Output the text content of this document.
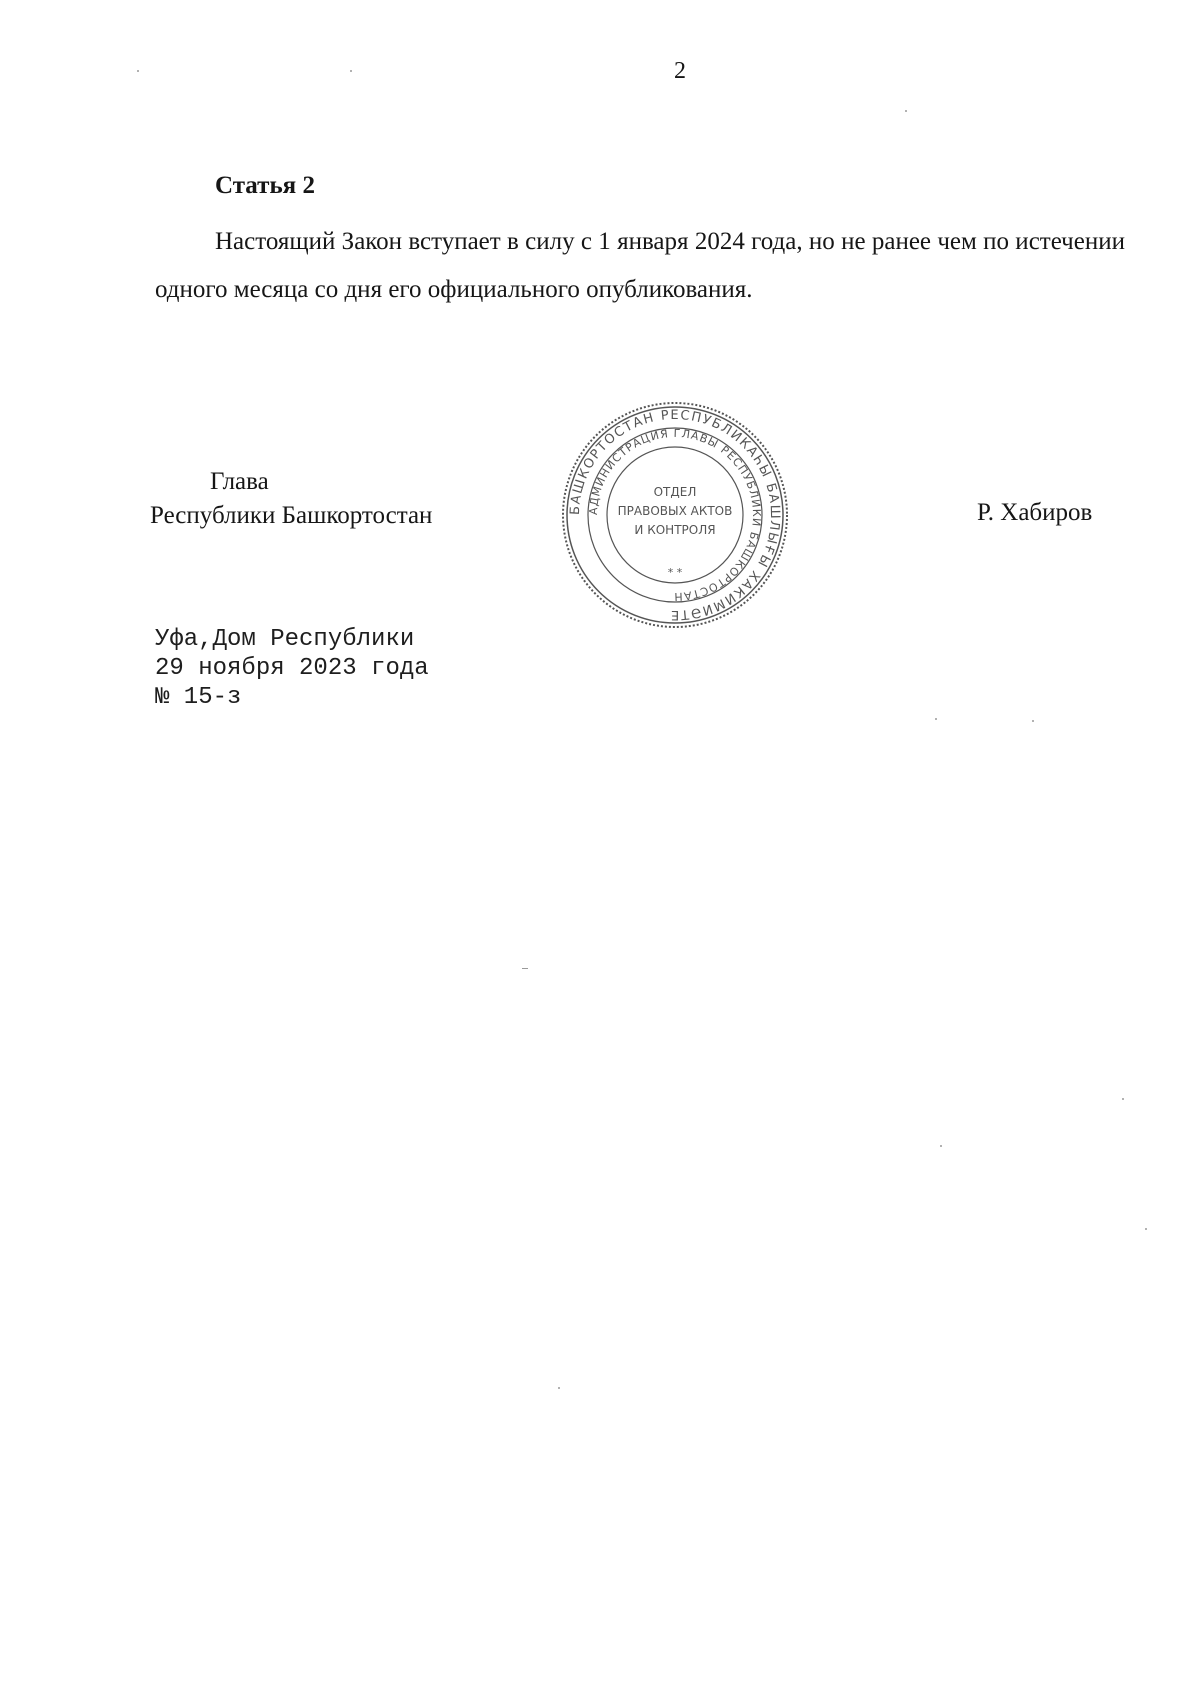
2
Статья 2
Настоящий Закон вступает в силу с 1 января 2024 года, но не ранее чем по истечении одного месяца со дня его официального опубликования.
Глава
Республики Башкортостан	БАШКОРТОСТАН РЕСПУБЛИКАҺЫ БАШЛЫҒЫ ХАКИМИӘТЕ
АДМИНИСТРАЦИЯ ГЛАВЫ РЕСПУБЛИКИ БАШКОРТОСТАН
ОТДЕЛ
ПРАВОВЫХ АКТОВ
И КОНТРОЛЯ
* *
Р. Хабиров
Уфа,Дом Республики
29 ноября 2023 года
№ 15-з
